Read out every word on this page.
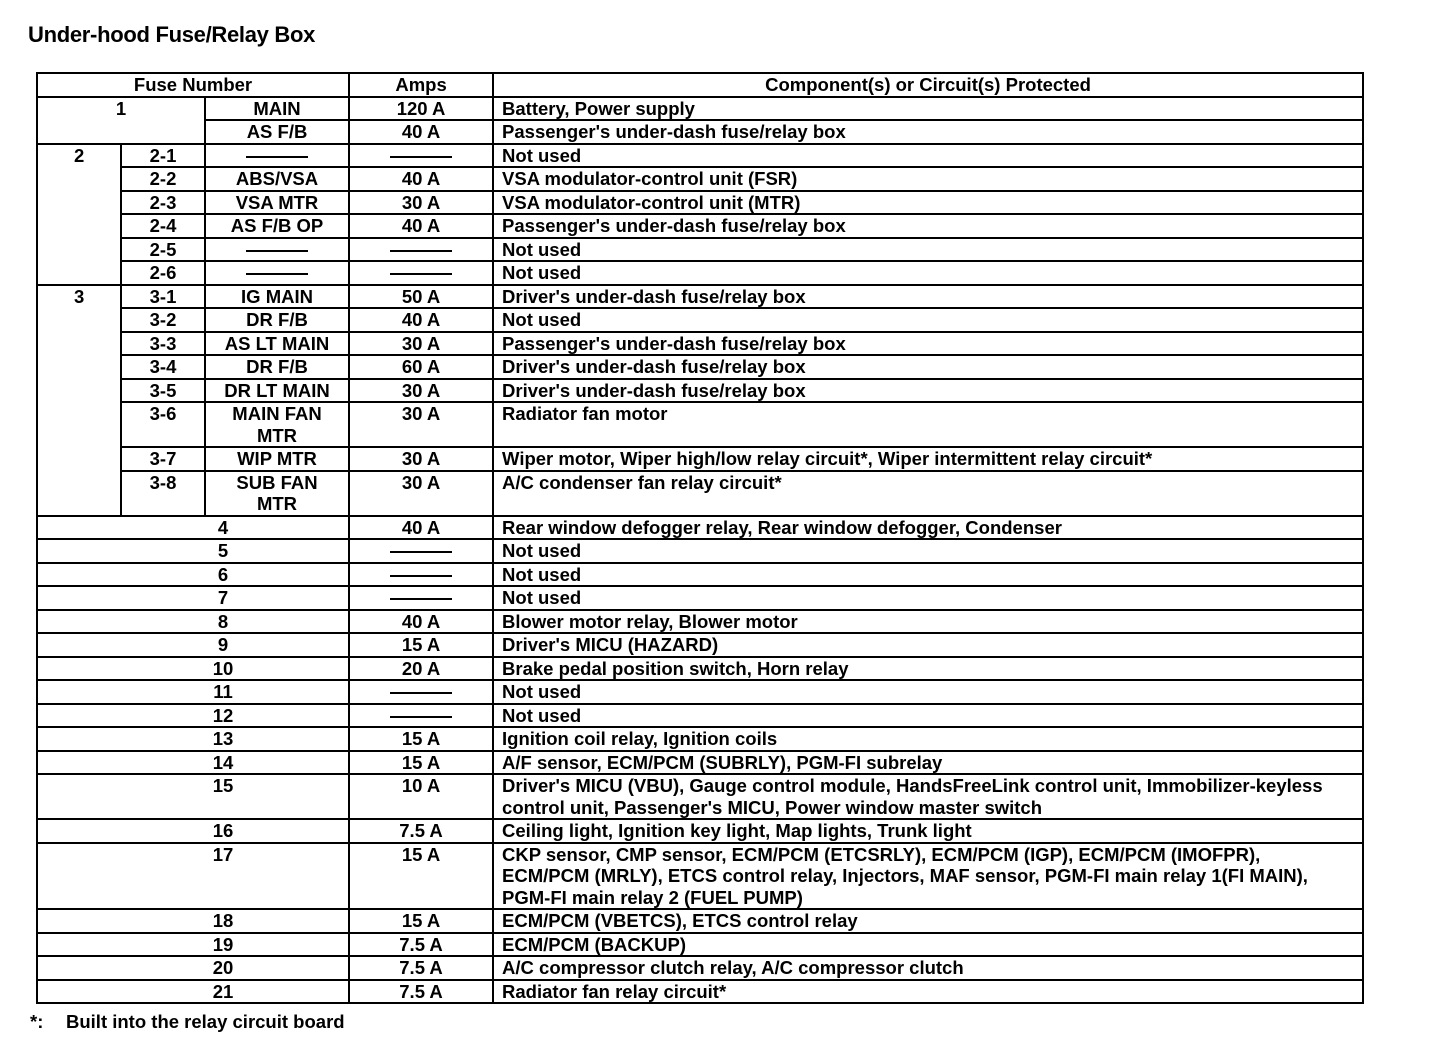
Under-hood Fuse/Relay Box
Fuse Number			Amps	Component(s) or Circuit(s) Protected
1		MAIN	120 A	Battery, Power supply
		AS F/B	40 A	Passenger's under-dash fuse/relay box
2	2-1			Not used
	2-2	ABS/VSA	40 A	VSA modulator-control unit (FSR)
	2-3	VSA MTR	30 A	VSA modulator-control unit (MTR)
	2-4	AS F/B OP	40 A	Passenger's under-dash fuse/relay box
	2-5			Not used
	2-6			Not used
3	3-1	IG MAIN	50 A	Driver's under-dash fuse/relay box
	3-2	DR F/B	40 A	Not used
	3-3	AS LT MAIN	30 A	Passenger's under-dash fuse/relay box
	3-4	DR F/B	60 A	Driver's under-dash fuse/relay box
	3-5	DR LT MAIN	30 A	Driver's under-dash fuse/relay box
	3-6	MAIN FAN	30 A	Radiator fan motor
		MTR		
	3-7	WIP MTR	30 A	Wiper motor, Wiper high/low relay circuit*, Wiper intermittent relay circuit*
	3-8	SUB FAN	30 A	A/C condenser fan relay circuit*
		MTR		
4			40 A	Rear window defogger relay, Rear window defogger, Condenser
5				Not used
6				Not used
7				Not used
8			40 A	Blower motor relay, Blower motor
9			15 A	Driver's MICU (HAZARD)
10			20 A	Brake pedal position switch, Horn relay
11				Not used
12				Not used
13			15 A	Ignition coil relay, Ignition coils
14			15 A	A/F sensor, ECM/PCM (SUBRLY), PGM-FI subrelay
15			10 A	Driver's MICU (VBU), Gauge control module, HandsFreeLink control unit, Immobilizer-keyless control unit, Passenger's MICU, Power window master switch
16			7.5 A	Ceiling light, Ignition key light, Map lights, Trunk light
17			15 A	CKP sensor, CMP sensor, ECM/PCM (ETCSRLY), ECM/PCM (IGP), ECM/PCM (IMOFPR), ECM/PCM (MRLY), ETCS control relay, Injectors, MAF sensor, PGM-FI main relay 1(FI MAIN), PGM-FI main relay 2 (FUEL PUMP)
18			15 A	ECM/PCM (VBETCS), ETCS control relay
19			7.5 A	ECM/PCM (BACKUP)
20			7.5 A	A/C compressor clutch relay, A/C compressor clutch
21			7.5 A	Radiator fan relay circuit*
*: Built into the relay circuit board
